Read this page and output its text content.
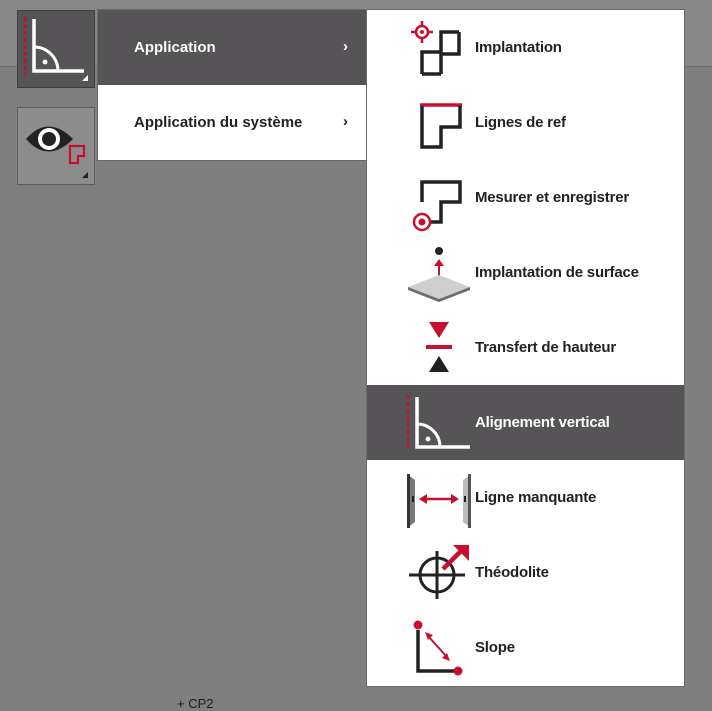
Application	›
Application du système	›
Implantation
Lignes de ref
Mesurer et enregistrer
Implantation de surface
Transfert de hauteur
Alignement vertical
Ligne manquante
Théodolite
Slope
+ CP2
